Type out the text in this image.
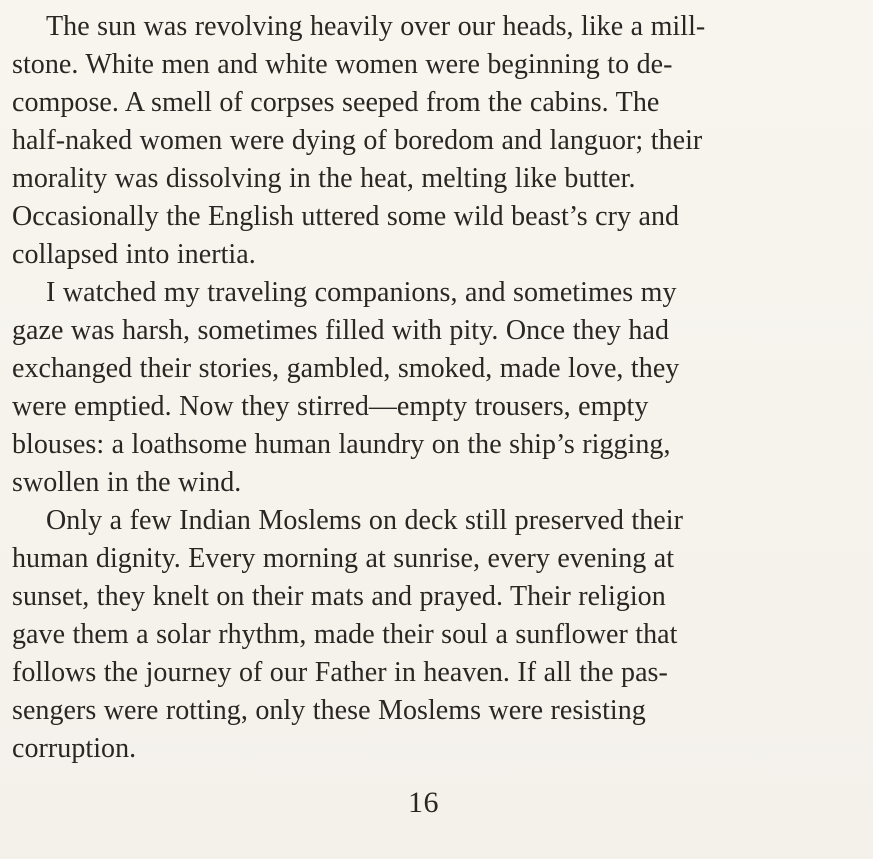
The sun was revolving heavily over our heads, like a mill-
stone. White men and white women were beginning to de-
compose. A smell of corpses seeped from the cabins. The
half-naked women were dying of boredom and languor; their
morality was dissolving in the heat, melting like butter.
Occasionally the English uttered some wild beast’s cry and
collapsed into inertia.

I watched my traveling companions, and sometimes my
gaze was harsh, sometimes filled with pity. Once they had
exchanged their stories, gambled, smoked, made love, they
were emptied. Now they stirred—empty trousers, empty
blouses: a loathsome human laundry on the ship’s rigging,
swollen in the wind.

Only a few Indian Moslems on deck still preserved their
human dignity. Every morning at sunrise, every evening at
sunset, they knelt on their mats and prayed. Their religion
gave them a solar rhythm, made their soul a sunflower that
follows the journey of our Father in heaven. If all the pas-
sengers were rotting, only these Moslems were resisting
corruption.

16
